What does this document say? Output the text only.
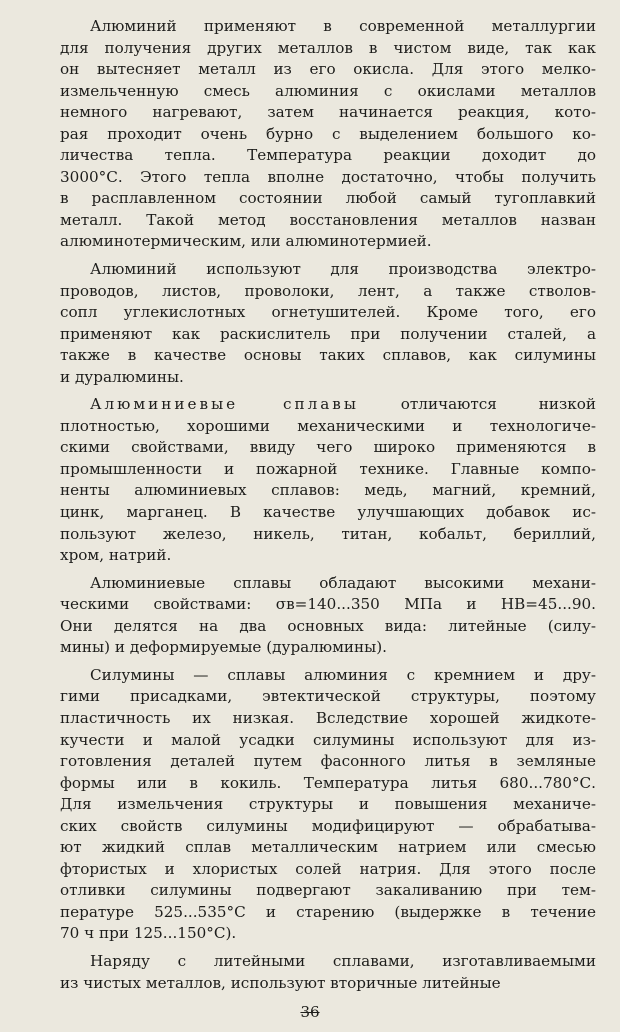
Алюминий применяют в современной металлургии
для получения других металлов в чистом виде, так как
он вытесняет металл из его окисла. Для этого мелко-
измельченную смесь алюминия с окислами металлов
немного нагревают, затем начинается реакция, кото-
рая проходит очень бурно с выделением большого ко-
личества тепла. Температура реакции доходит до
3000°С. Этого тепла вполне достаточно, чтобы получить
в расплавленном состоянии любой самый тугоплавкий
металл. Такой метод восстановления металлов назван
алюминотермическим, или алюминотермией.
Алюминий используют для производства электро-
проводов, листов, проволоки, лент, а также стволов-
сопл углекислотных огнетушителей. Кроме того, его
применяют как раскислитель при получении сталей, а
также в качестве основы таких сплавов, как силумины
и дуралюмины.
Алюминиевые сплавы отличаются низкой
плотностью, хорошими механическими и технологиче-
скими свойствами, ввиду чего широко применяются в
промышленности и пожарной технике. Главные компо-
ненты алюминиевых сплавов: медь, магний, кремний,
цинк, марганец. В качестве улучшающих добавок ис-
пользуют железо, никель, титан, кобальт, бериллий,
хром, натрий.
Алюминиевые сплавы обладают высокими механи-
ческими свойствами: σв=140...350 МПа и HB=45...90.
Они делятся на два основных вида: литейные (силу-
мины) и деформируемые (дуралюмины).
Силумины — сплавы алюминия с кремнием и дру-
гими присадками, эвтектической структуры, поэтому
пластичность их низкая. Вследствие хорошей жидкоте-
кучести и малой усадки силумины используют для из-
готовления деталей путем фасонного литья в земляные
формы или в кокиль. Температура литья 680...780°С.
Для измельчения структуры и повышения механиче-
ских свойств силумины модифицируют — обрабатыва-
ют жидкий сплав металлическим натрием или смесью
фтористых и хлористых солей натрия. Для этого после
отливки силумины подвергают закаливанию при тем-
пературе 525...535°С и старению (выдержке в течение
70 ч при 125...150°С).
Наряду с литейными сплавами, изготавливаемыми
из чистых металлов, используют вторичные литейные
36
